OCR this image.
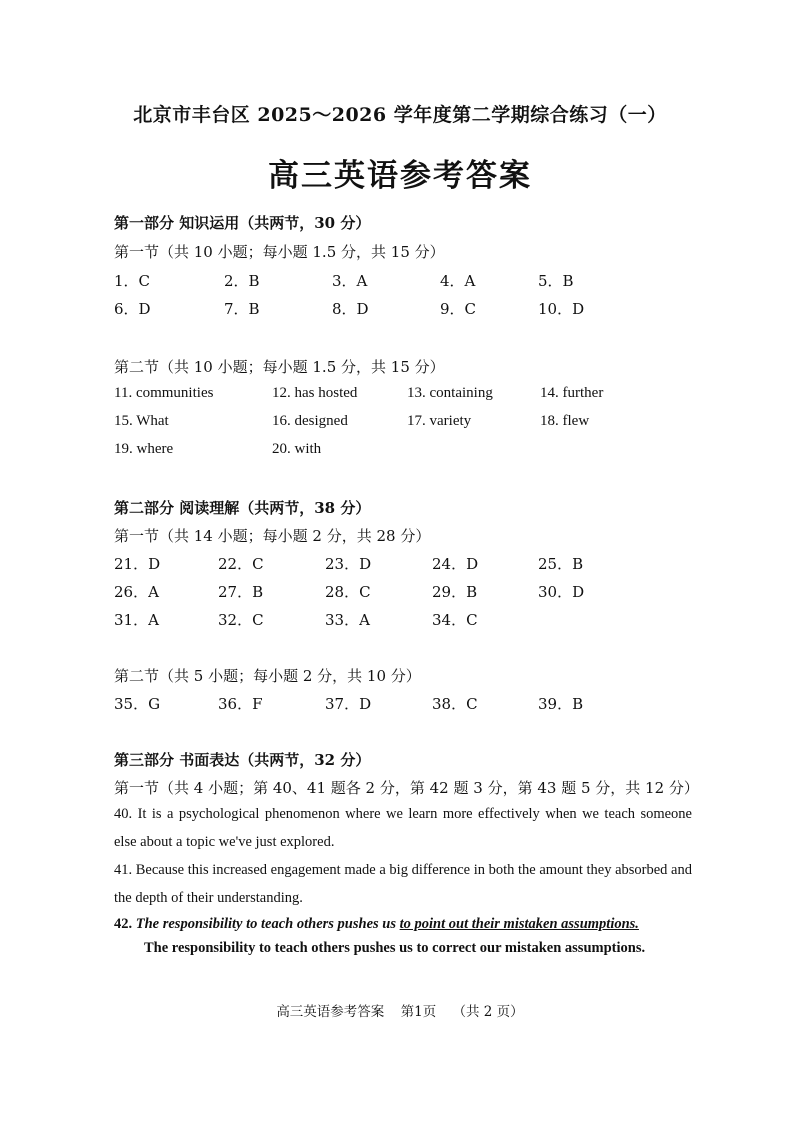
北京市丰台区 2025～2026 学年度第二学期综合练习（一）
高三英语参考答案
第一部分 知识运用（共两节，30 分）
第一节（共 10 小题；每小题 1.5 分，共 15 分）
1．C	2．B	3．A	4．A	5．B
6．D	7．B	8．D	9．C	10．D
第二节（共 10 小题；每小题 1.5 分，共 15 分）
11. communities	12. has hosted	13. containing	14. further
15. What	16. designed	17. variety	18. flew
19. where	20. with
第二部分 阅读理解（共两节，38 分）
第一节（共 14 小题；每小题 2 分，共 28 分）
21．D	22．C	23．D	24．D	25．B
26．A	27．B	28．C	29．B	30．D
31．A	32．C	33．A	34．C
第二节（共 5 小题；每小题 2 分，共 10 分）
35．G	36．F	37．D	38．C	39．B
第三部分 书面表达（共两节，32 分）
第一节（共 4 小题；第 40、41 题各 2 分，第 42 题 3 分，第 43 题 5 分，共 12 分）
40. It is a psychological phenomenon where we learn more effectively when we teach someone else about a topic we've just explored.
41. Because this increased engagement made a big difference in both the amount they absorbed and the depth of their understanding.
42. The responsibility to teach others pushes us to point out their mistaken assumptions.
The responsibility to teach others pushes us to correct our mistaken assumptions.
高三英语参考答案 第1页 （共 2 页）
